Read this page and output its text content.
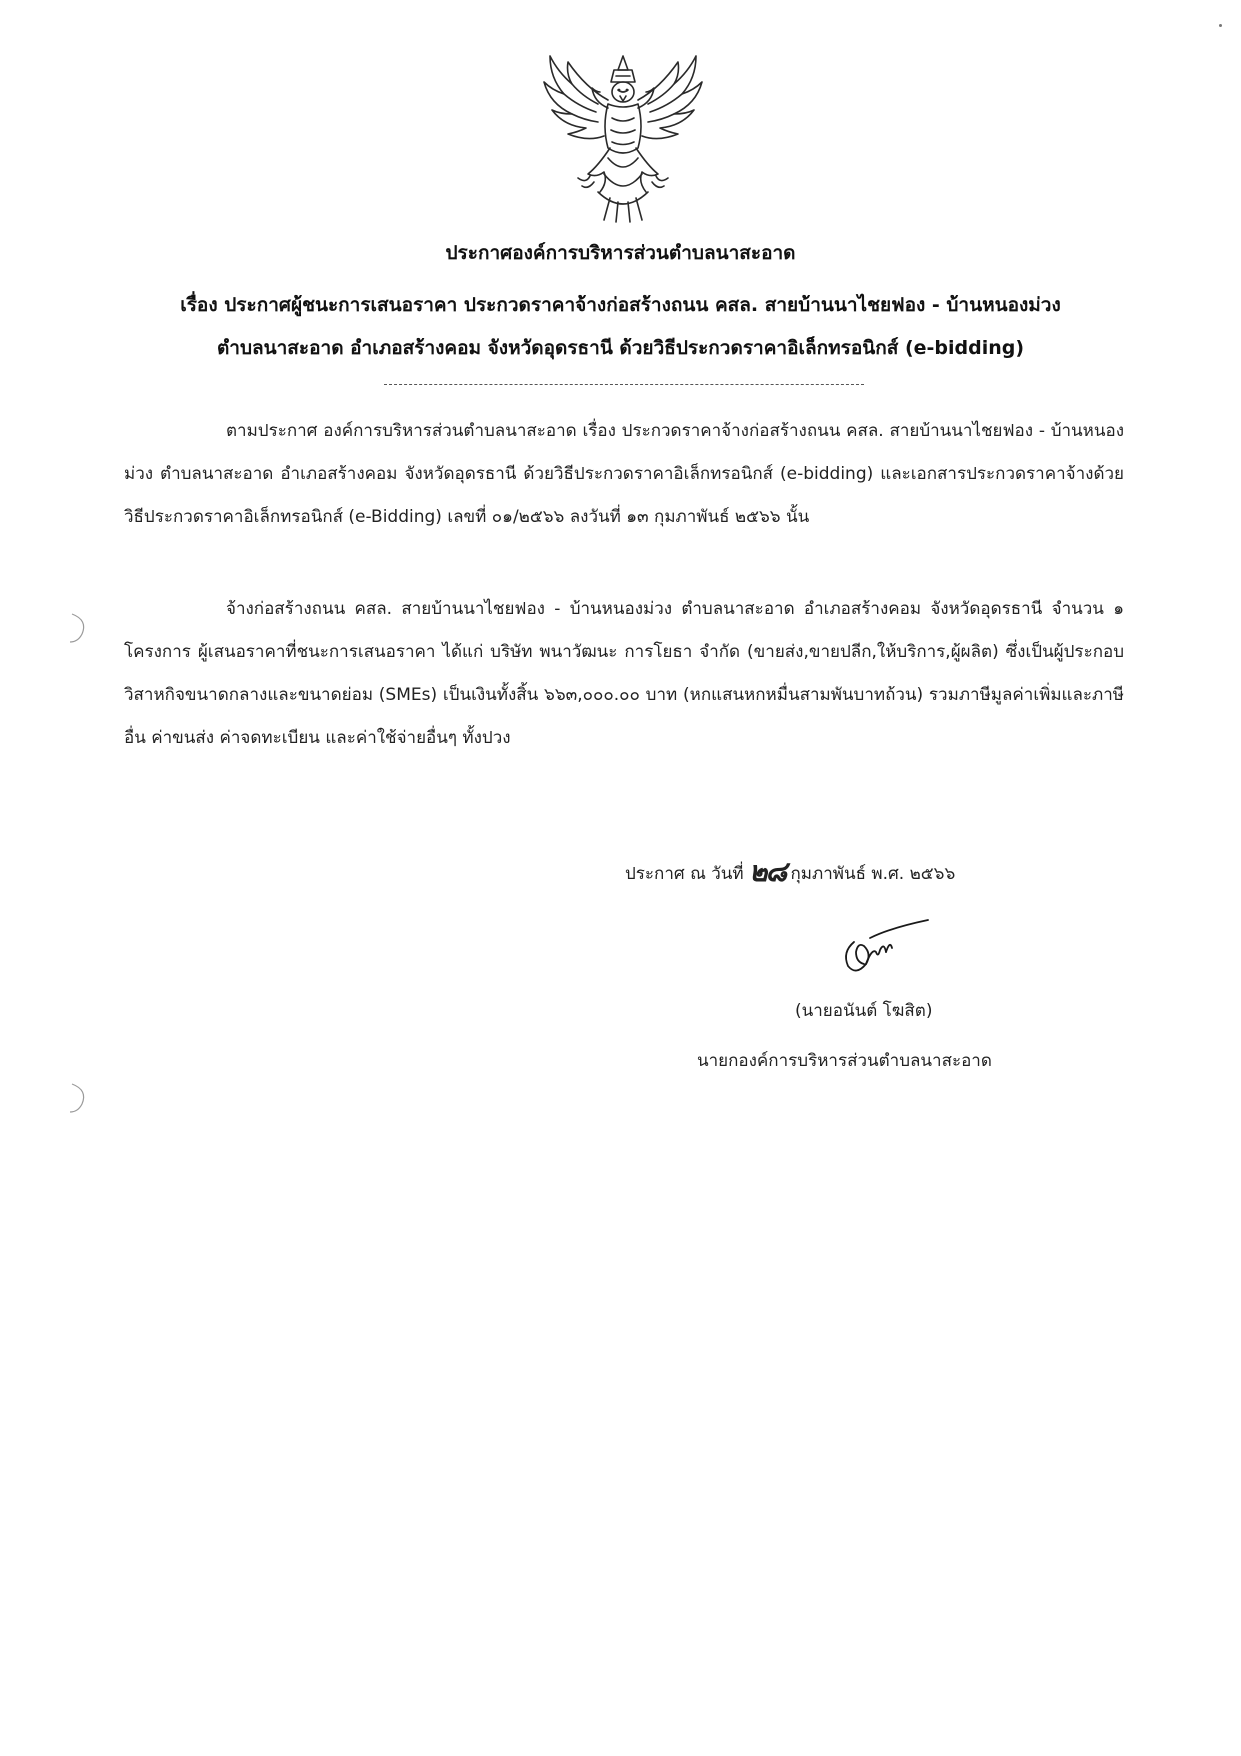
ประกาศองค์การบริหารส่วนตำบลนาสะอาด
เรื่อง ประกาศผู้ชนะการเสนอราคา ประกวดราคาจ้างก่อสร้างถนน คสล. สายบ้านนาไชยฟอง - บ้านหนองม่วง
ตำบลนาสะอาด อำเภอสร้างคอม จังหวัดอุดรธานี ด้วยวิธีประกวดราคาอิเล็กทรอนิกส์ (e-bidding)
ตามประกาศ องค์การบริหารส่วนตำบลนาสะอาด เรื่อง ประกวดราคาจ้างก่อสร้างถนน คสล. สายบ้านนาไชยฟอง - บ้านหนองม่วง ตำบลนาสะอาด อำเภอสร้างคอม จังหวัดอุดรธานี ด้วยวิธีประกวดราคาอิเล็กทรอนิกส์ (e-bidding) และเอกสารประกวดราคาจ้างด้วยวิธีประกวดราคาอิเล็กทรอนิกส์ (e-Bidding) เลขที่ ๐๑/๒๕๖๖ ลงวันที่ ๑๓ กุมภาพันธ์ ๒๕๖๖ นั้น
จ้างก่อสร้างถนน คสล. สายบ้านนาไชยฟอง - บ้านหนองม่วง ตำบลนาสะอาด อำเภอสร้างคอม จังหวัดอุดรธานี จำนวน ๑ โครงการ ผู้เสนอราคาที่ชนะการเสนอราคา ได้แก่ บริษัท พนาวัฒนะ การโยธา จำกัด (ขายส่ง,ขายปลีก,ให้บริการ,ผู้ผลิต) ซึ่งเป็นผู้ประกอบวิสาหกิจขนาดกลางและขนาดย่อม (SMEs) เป็นเงินทั้งสิ้น ๖๖๓,๐๐๐.๐๐ บาท (หกแสนหกหมื่นสามพันบาทถ้วน) รวมภาษีมูลค่าเพิ่มและภาษีอื่น ค่าขนส่ง ค่าจดทะเบียน และค่าใช้จ่ายอื่นๆ ทั้งปวง
ประกาศ ณ วันที่ ๒๘ กุมภาพันธ์ พ.ศ. ๒๕๖๖
(นายอนันต์ โฆสิต)
นายกองค์การบริหารส่วนตำบลนาสะอาด
